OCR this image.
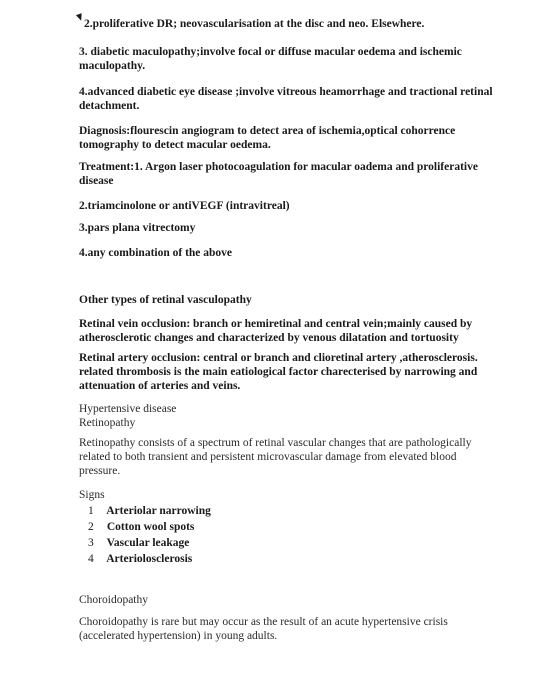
2.proliferative DR; neovascularisation at the disc and neo. Elsewhere.
3. diabetic maculopathy;involve focal or diffuse macular oedema and ischemic
maculopathy.
4.advanced diabetic eye disease ;involve vitreous heamorrhage and tractional retinal
detachment.
Diagnosis:flourescin angiogram to detect area of ischemia,optical cohorrence
tomography to detect macular oedema.
Treatment:1. Argon laser photocoagulation for macular oadema and proliferative
disease
2.triamcinolone or antiVEGF (intravitreal)
3.pars plana vitrectomy
4.any combination of the above
Other types of retinal vasculopathy
Retinal vein occlusion: branch or hemiretinal and central vein;mainly caused by
atherosclerotic changes and characterized by venous dilatation and tortuosity
Retinal artery occlusion: central or branch and clioretinal artery ,atherosclerosis.
related thrombosis is the main eatiological factor charecterised by narrowing and
attenuation of arteries and veins.
Hypertensive disease
Retinopathy
Retinopathy consists of a spectrum of retinal vascular changes that are pathologically
related to both transient and persistent microvascular damage from elevated blood
pressure.
Signs
1 Arteriolar narrowing
2 Cotton wool spots
3 Vascular leakage
4 Arteriolosclerosis
Choroidopathy
Choroidopathy is rare but may occur as the result of an acute hypertensive crisis
(accelerated hypertension) in young adults.
